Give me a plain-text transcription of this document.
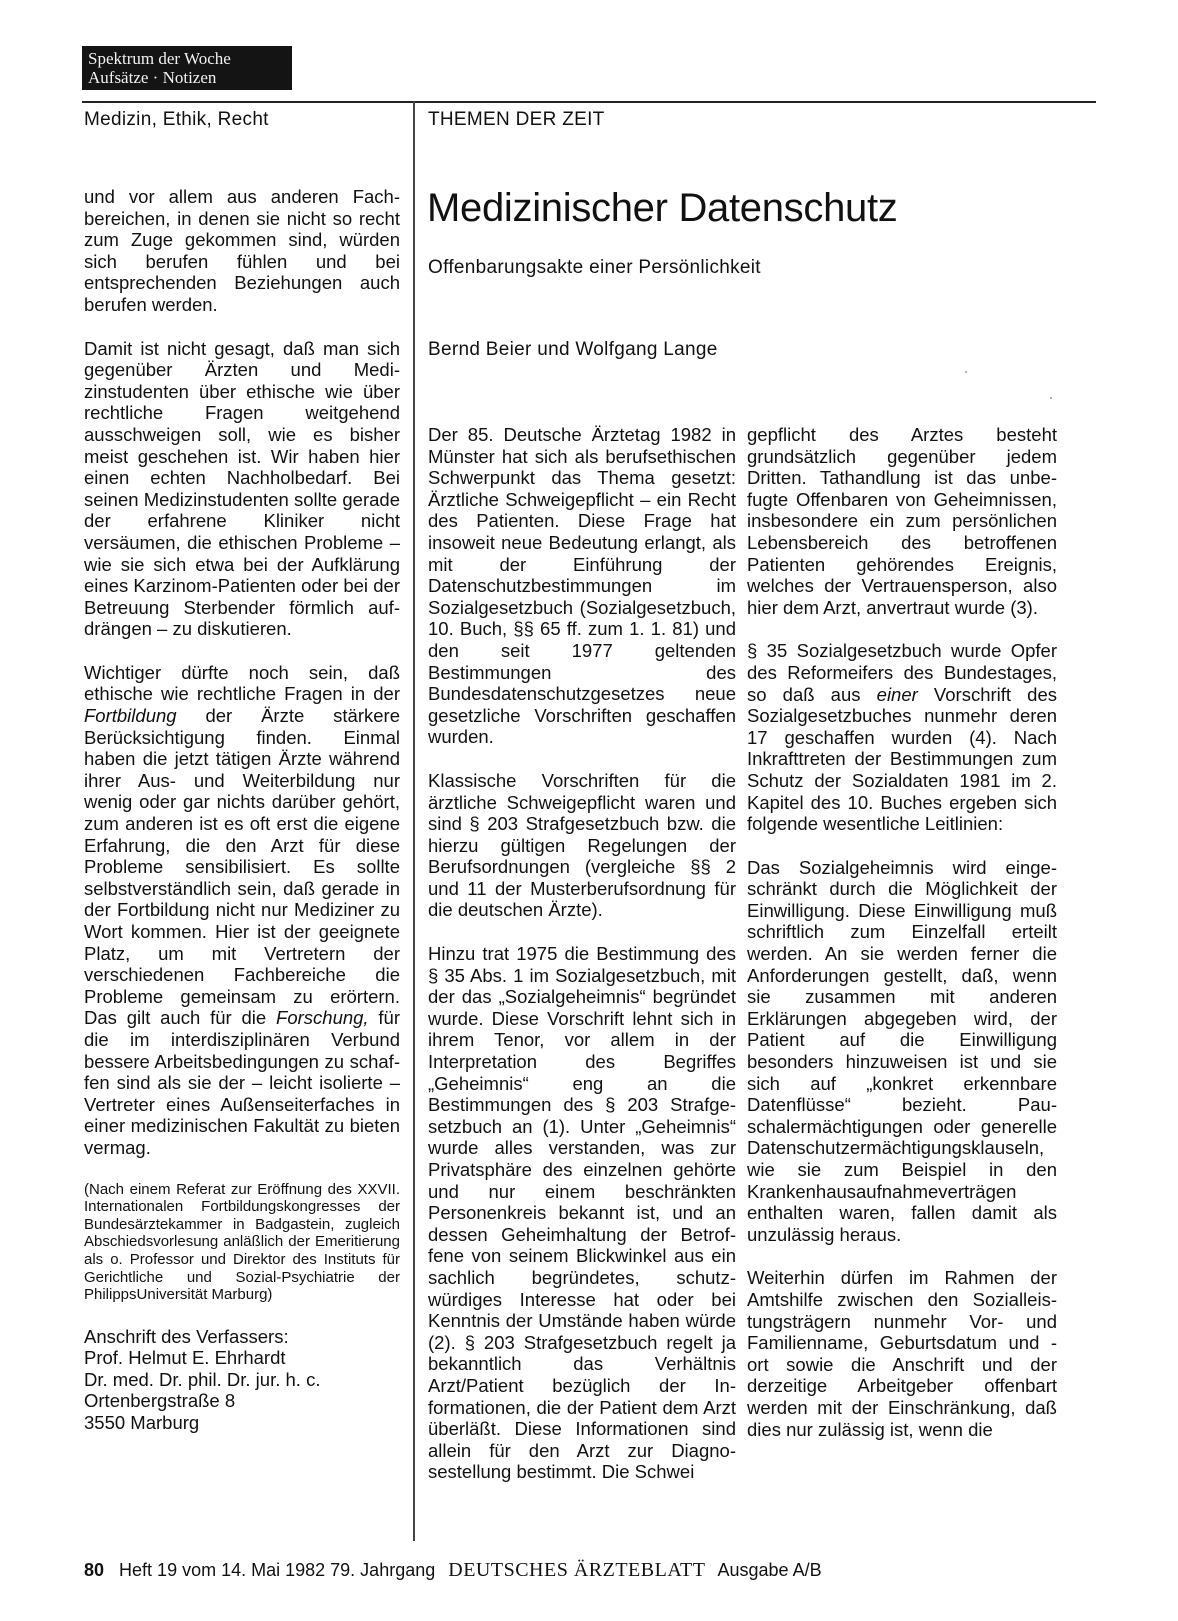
Spektrum der Woche
Aufsätze · Notizen
Medizin, Ethik, Recht	THEMEN DER ZEIT
Medizinischer Datenschutz
Offenbarungsakte einer Persönlichkeit
Bernd Beier und Wolfgang Lange

und vor allem aus anderen Fachbereichen, in denen sie nicht so recht zum Zuge gekommen sind, würden sich berufen fühlen und bei entsprechenden Beziehungen auch berufen werden.

Damit ist nicht gesagt, daß man sich gegenüber Ärzten und Medizinstudenten über ethische wie über rechtliche Fragen weitgehend ausschweigen soll, wie es bisher meist geschehen ist. Wir haben hier einen echten Nachholbedarf. Bei seinen Medizinstudenten sollte gerade der erfahrene Kliniker nicht versäumen, die ethischen Probleme – wie sie sich etwa bei der Aufklärung eines Karzinom-Patienten oder bei der Betreuung Sterbender förmlich aufdrängen – zu diskutieren.

Wichtiger dürfte noch sein, daß ethische wie rechtliche Fragen in der Fortbildung der Ärzte stärkere Berücksichtigung finden. Einmal haben die jetzt tätigen Ärzte während ihrer Aus- und Weiterbildung nur wenig oder gar nichts darüber gehört, zum anderen ist es oft erst die eigene Erfahrung, die den Arzt für diese Probleme sensibilisiert. Es sollte selbstverständlich sein, daß gerade in der Fortbildung nicht nur Mediziner zu Wort kommen. Hier ist der geeignete Platz, um mit Vertretern der verschiedenen Fachbereiche die Probleme gemeinsam zu erörtern. Das gilt auch für die Forschung, für die im interdisziplinären Verbund bessere Arbeitsbedingungen zu schaffen sind als sie der – leicht isolierte – Vertreter eines Außenseiterfaches in einer medizinischen Fakultät zu bieten vermag.

(Nach einem Referat zur Eröffnung des XXVII. Internationalen Fortbildungskongresses der Bundesärztekammer in Badgastein, zugleich Abschiedsvorlesung anläßlich der Emeritierung als o. Professor und Direktor des Instituts für Gerichtliche und Sozial-Psychiatrie der PhilippsUniversität Marburg)

Anschrift des Verfassers:
Prof. Helmut E. Ehrhardt
Dr. med. Dr. phil. Dr. jur. h. c.
Ortenbergstraße 8
3550 Marburg

Der 85. Deutsche Ärztetag 1982 in Münster hat sich als berufsethischen Schwerpunkt das Thema gesetzt: Ärztliche Schweigepflicht – ein Recht des Patienten. Diese Frage hat insoweit neue Bedeutung erlangt, als mit der Einführung der Datenschutzbestimmungen im Sozialgesetzbuch (Sozialgesetzbuch, 10. Buch, §§ 65 ff. zum 1. 1. 81) und den seit 1977 geltenden Bestimmungen des Bundesdatenschutzgesetzes neue gesetzliche Vorschriften geschaffen wurden.

Klassische Vorschriften für die ärztliche Schweigepflicht waren und sind § 203 Strafgesetzbuch bzw. die hierzu gültigen Regelungen der Berufsordnungen (vergleiche §§ 2 und 11 der Musterberufsordnung für die deutschen Ärzte).

Hinzu trat 1975 die Bestimmung des § 35 Abs. 1 im Sozialgesetzbuch, mit der das „Sozialgeheimnis“ begründet wurde. Diese Vorschrift lehnt sich in ihrem Tenor, vor allem in der Interpretation des Begriffes „Geheimnis“ eng an die Bestimmungen des § 203 Strafgesetzbuch an (1). Unter „Geheimnis“ wurde alles verstanden, was zur Privatsphäre des einzelnen gehörte und nur einem beschränkten Personenkreis bekannt ist, und an dessen Geheimhaltung der Betroffene von seinem Blickwinkel aus ein sachlich begründetes, schutzwürdiges Interesse hat oder bei Kenntnis der Umstände haben würde (2). § 203 Strafgesetzbuch regelt ja bekanntlich das Verhältnis Arzt/Patient bezüglich der Informationen, die der Patient dem Arzt überläßt. Diese Informationen sind allein für den Arzt zur Diagnosestellung bestimmt. Die Schwei

gepflicht des Arztes besteht grundsätzlich gegenüber jedem Dritten. Tathandlung ist das unbefugte Offenbaren von Geheimnissen, insbesondere ein zum persönlichen Lebensbereich des betroffenen Patienten gehörendes Ereignis, welches der Vertrauensperson, also hier dem Arzt, anvertraut wurde (3).

§ 35 Sozialgesetzbuch wurde Opfer des Reformeifers des Bundestages, so daß aus einer Vorschrift des Sozialgesetzbuches nunmehr deren 17 geschaffen wurden (4). Nach Inkrafttreten der Bestimmungen zum Schutz der Sozialdaten 1981 im 2. Kapitel des 10. Buches ergeben sich folgende wesentliche Leitlinien:

Das Sozialgeheimnis wird eingeschränkt durch die Möglichkeit der Einwilligung. Diese Einwilligung muß schriftlich zum Einzelfall erteilt werden. An sie werden ferner die Anforderungen gestellt, daß, wenn sie zusammen mit anderen Erklärungen abgegeben wird, der Patient auf die Einwilligung besonders hinzuweisen ist und sie sich auf „konkret erkennbare Datenflüsse“ bezieht. Pauschalermächtigungen oder generelle Datenschutzermächtigungsklauseln, wie sie zum Beispiel in den Krankenhausaufnahmeverträgen enthalten waren, fallen damit als unzulässig heraus.

Weiterhin dürfen im Rahmen der Amtshilfe zwischen den Sozialleistungsträgern nunmehr Vor- und Familienname, Geburtsdatum und -ort sowie die Anschrift und der derzeitige Arbeitgeber offenbart werden mit der Einschränkung, daß dies nur zulässig ist, wenn die

80 Heft 19 vom 14. Mai 1982 79. Jahrgang DEUTSCHES ÄRZTEBLATT Ausgabe A/B
